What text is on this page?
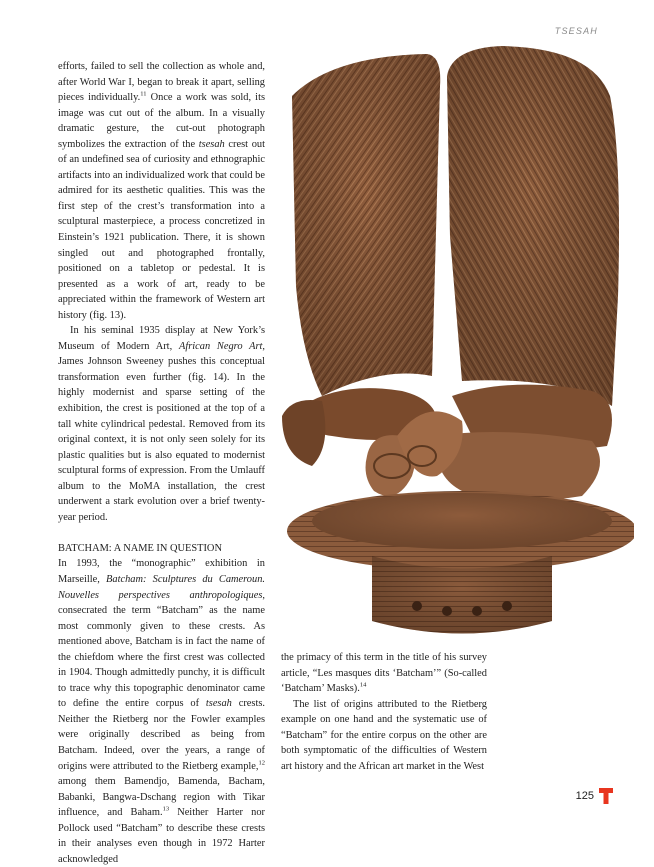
TSESAH

efforts, failed to sell the collection as whole and, after World War I, began to break it apart, selling pieces individually.$^{11}$ Once a work was sold, its image was cut out of the album. In a visually dramatic gesture, the cut-out photograph symbolizes the extraction of the tsesah crest out of an undefined sea of curiosity and ethnographic artifacts into an individualized work that could be admired for its aesthetic qualities. This was the first step of the crest’s transformation into a sculptural masterpiece, a process concretized in Einstein’s 1921 publication. There, it is shown singled out and photographed frontally, positioned on a tabletop or pedestal. It is presented as a work of art, ready to be appreciated within the framework of Western art history (fig. 13).

In his seminal 1935 display at New York’s Museum of Modern Art, African Negro Art, James Johnson Sweeney pushes this conceptual transformation even further (fig. 14). In the highly modernist and sparse setting of the exhibition, the crest is positioned at the top of a tall white cylindrical pedestal. Removed from its original context, it is not only seen solely for its plastic qualities but is also equated to modernist sculptural forms of expression. From the Umlauff album to the MoMA installation, the crest underwent a stark evolution over a brief twenty-year period.

BATCHAM: A NAME IN QUESTION

In 1993, the “monographic” exhibition in Marseille, Batcham: Sculptures du Cameroun. Nouvelles perspectives anthropologiques, consecrated the term “Batcham” as the name most commonly given to these crests. As mentioned above, Batcham is in fact the name of the chiefdom where the first crest was collected in 1904. Though admittedly punchy, it is difficult to trace why this topographic denominator came to define the entire corpus of tsesah crests. Neither the Rietberg nor the Fowler examples were originally described as being from Batcham. Indeed, over the years, a range of origins were attributed to the Rietberg example,$^{12}$ among them Bamendjo, Bamenda, Bacham, Babanki, Bangwa-Dschang region with Tikar influence, and Baham.$^{13}$ Neither Harter nor Pollock used “Batcham” to describe these crests in their analyses even though in 1972 Harter acknowledged

the primacy of this term in the title of his survey article, “Les masques dits ‘Batcham’” (So-called ‘Batcham’ Masks).$^{14}$

The list of origins attributed to the Rietberg example on one hand and the systematic use of “Batcham” for the entire corpus on the other are both symptomatic of the difficulties of Western art history and the African art market in the West

125
